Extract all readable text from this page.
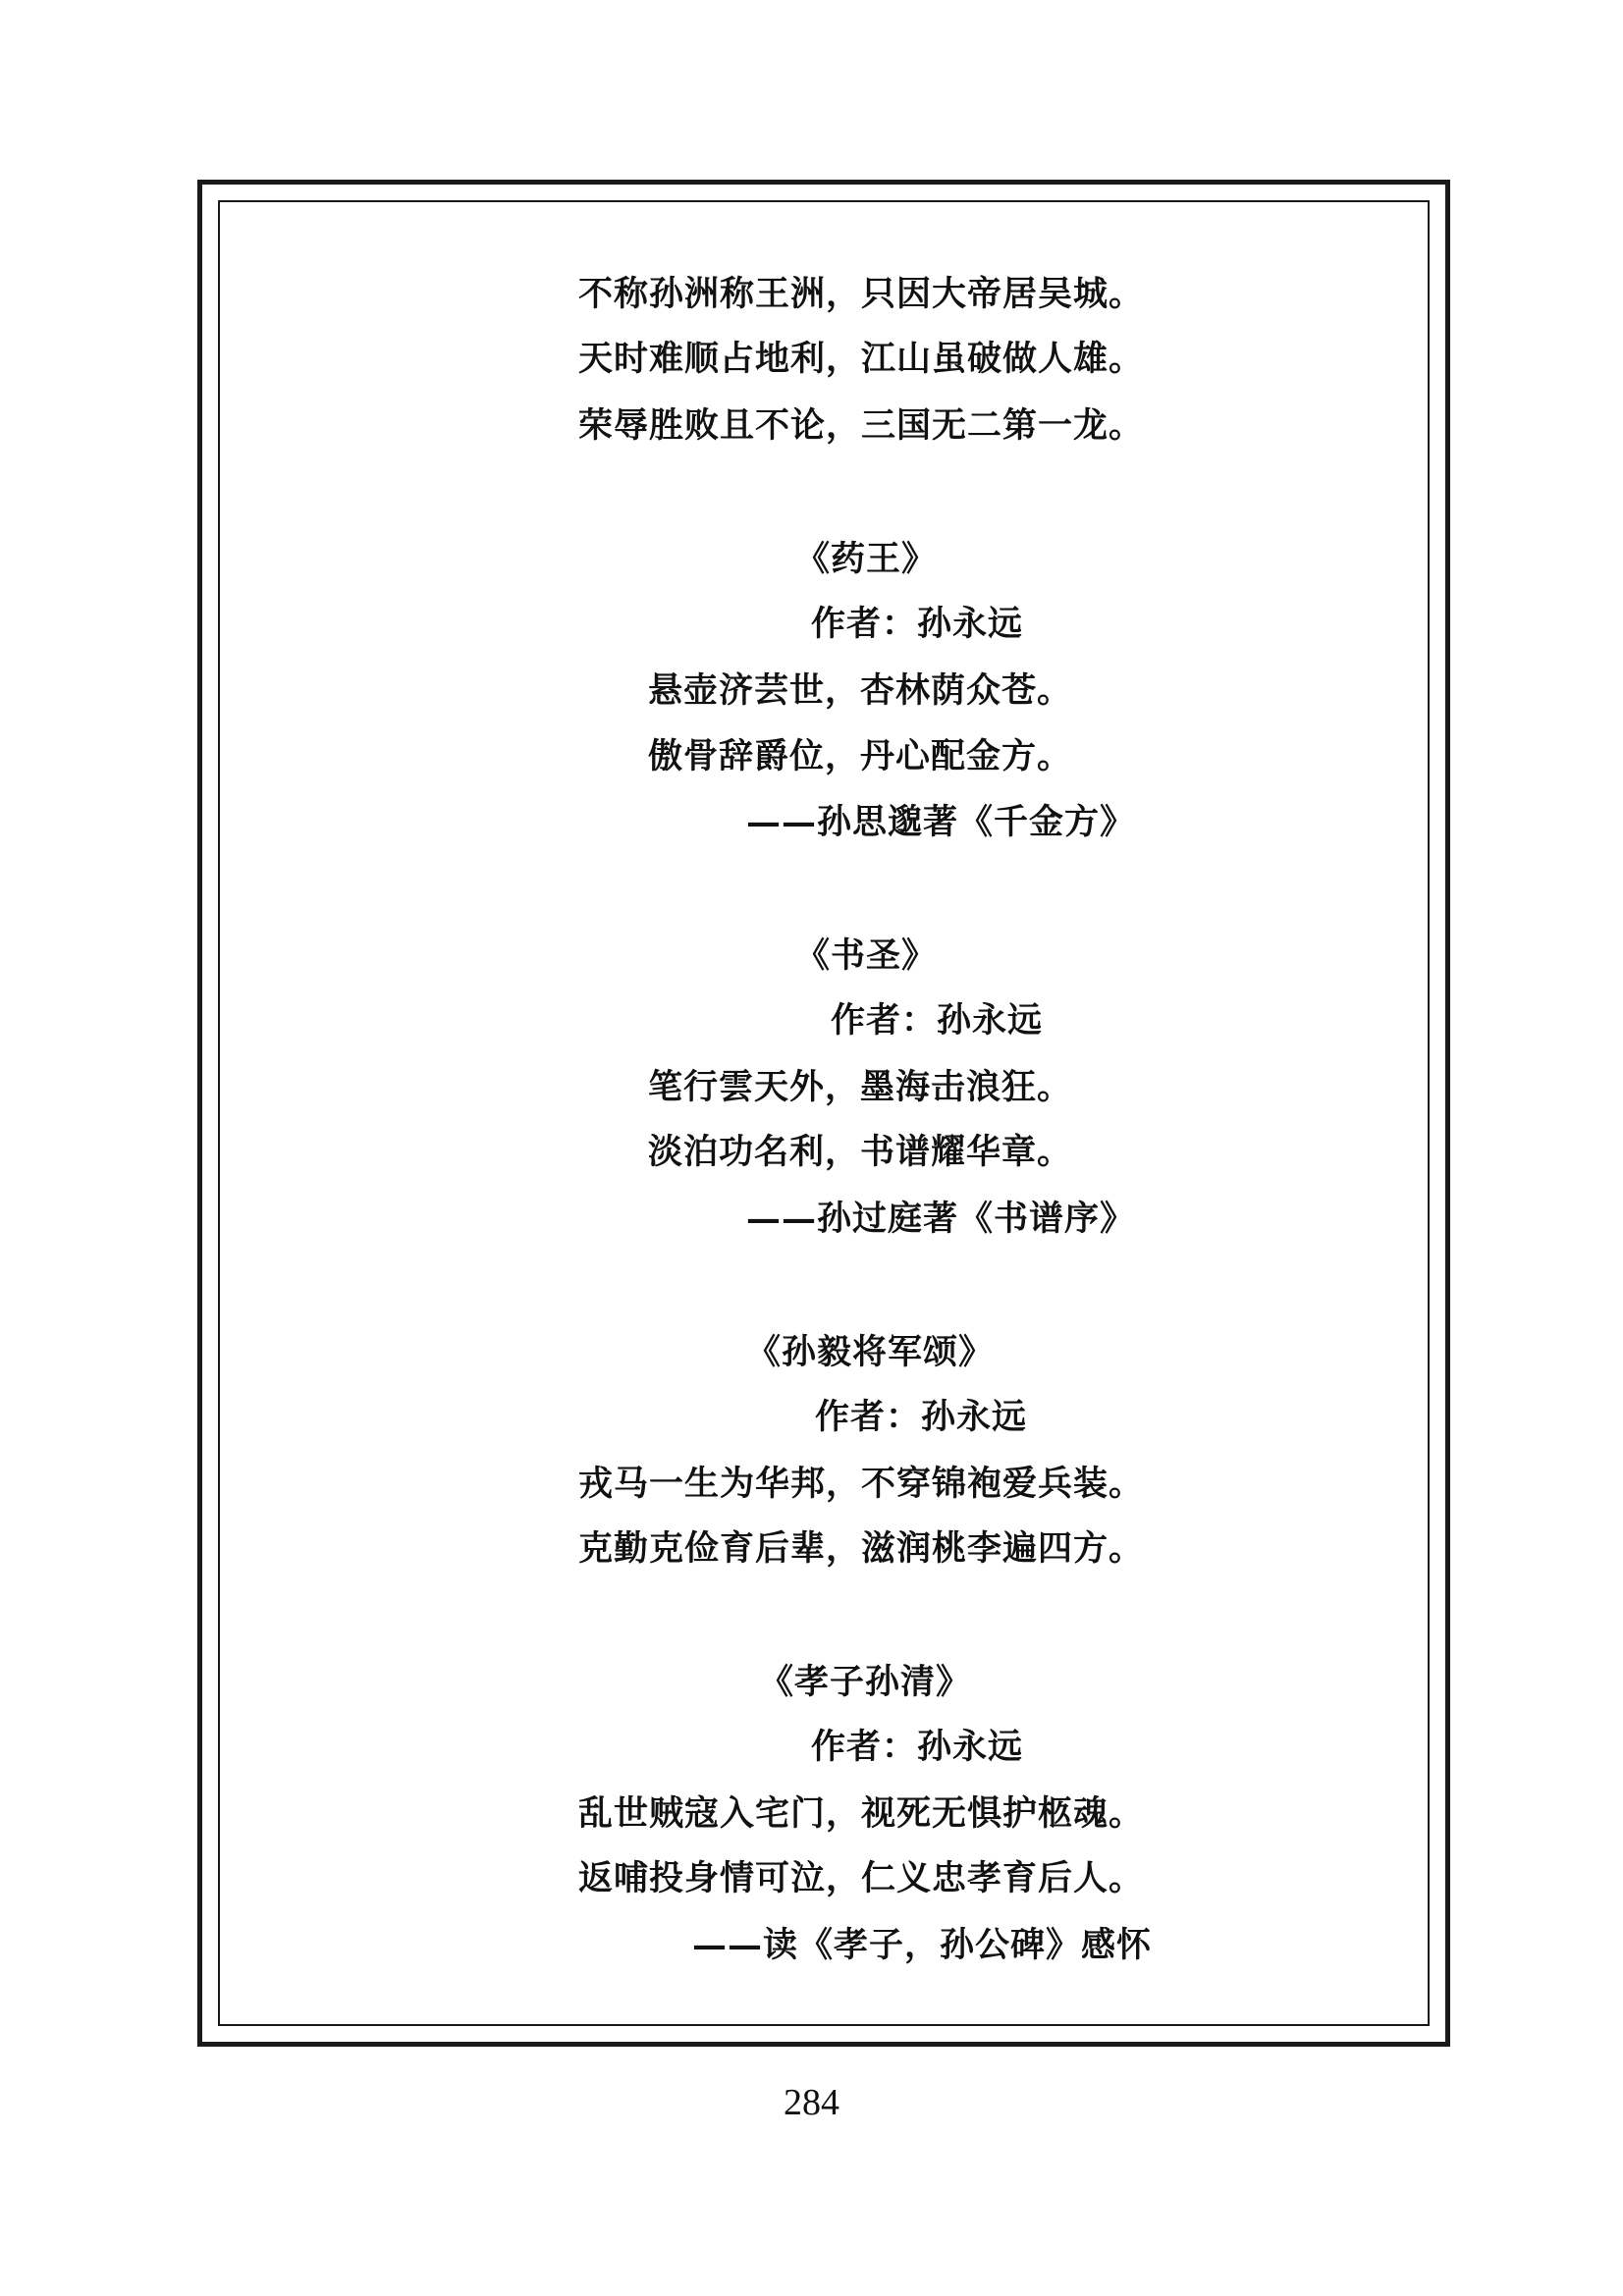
不称孙洲称王洲，只因大帝居吴城。
天时难顺占地利，江山虽破做人雄。
荣辱胜败且不论，三国无二第一龙。
《药王》
作者：孙永远
悬壶济芸世，杏林荫众苍。
傲骨辞爵位，丹心配金方。
——孙思邈著《千金方》
《书圣》
作者：孙永远
笔行雲天外，墨海击浪狂。
淡泊功名利，书谱耀华章。
——孙过庭著《书谱序》
《孙毅将军颂》
作者：孙永远
戎马一生为华邦，不穿锦袍爱兵装。
克勤克俭育后辈，滋润桃李遍四方。
《孝子孙清》
作者：孙永远
乱世贼寇入宅门，视死无惧护柩魂。
返哺投身情可泣，仁义忠孝育后人。
——读《孝子，孙公碑》感怀
284
